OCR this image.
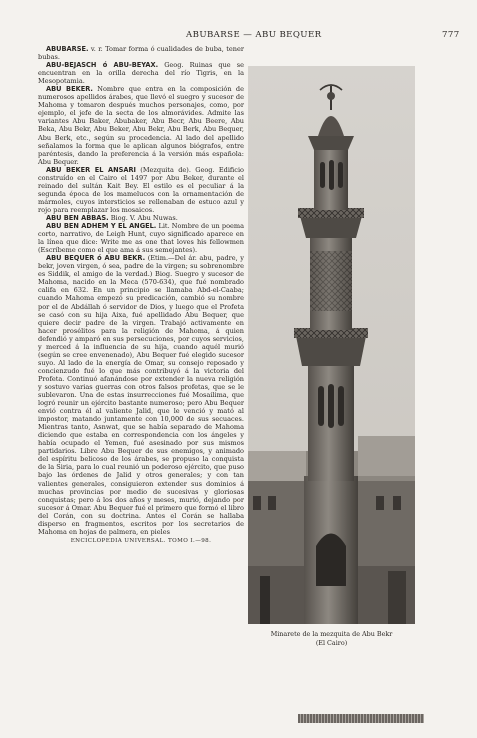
ABUBARSE — ABU BEQUER	777

ABUBARSE. v. r. Tomar forma ó cualidades de buba, tener bubas.

ABU-BEJASCH ó ABU-BEYAX. Geog. Ruinas que se encuentran en la orilla derecha del río Tigris, en la Mesopotamia.

ABU BEKER. Nombre que entra en la composición de numerosos apellidos árabes, que llevó el suegro y sucesor de Mahoma y tomaron después muchos personajes, como, por ejemplo, el jefe de la secta de los almorávides. Admite las variantes Abu Baker, Abubaker, Abu Becr, Abu Beere, Abu Beka, Abu Bekr, Abu Beker, Abu Bekr, Abu Berk, Abu Bequer, Abu Berk, etc., según su procedencia. Al lado del apellido señalamos la forma que le aplican algunos biógrafos, entre paréntesis, dando la preferencia á la versión más española: Abu Bequer.

ABU BEKER EL ANSARI (Mezquita de). Geog. Edificio construído en el Cairo el 1497 por Abu Beker, durante el reinado del sultán Kait Bey. El estilo es el peculiar á la segunda época de los mamelucos con la ornamentación de mármoles, cuyos intersticios se rellenaban de estuco azul y rojo para reemplazar los mosaicos.

ABU BEN ABBAS. Biog. V. Abu Nuwas.

ABU BEN ADHEM Y EL ANGEL. Lit. Nombre de un poema corto, narrativo, de Leigh Hunt, cuyo significado aparece en la línea que dice: Write me as one that loves his fellowmen (Escríbeme como el que ama á sus semejantes).

ABU BEQUER ó ABU BEKR. (Etim.—Del ár. abu, padre, y bekr, joven virgen, ó sea, padre de la virgen; su sobrenombre es Siddik, el amigo de la verdad.) Biog. Suegro y sucesor de Mahoma, nacido en la Meca (570-634), que fué nombrado califa en 632. En un principio se llamaba Abd-el-Caaba; cuando Mahoma empezó su predicación, cambió su nombre por el de Abdállah ó servidor de Dios, y luego que el Profeta se casó con su hija Aixa, fué apellidado Abu Bequer, que quiere decir padre de la virgen. Trabajó activamente en hacer prosélitos para la religión de Mahoma, á quien defendió y amparó en sus persecuciones, por cuyos servicios, y merced á la influencia de su hija, cuando aquél murió (según se cree envenenado), Abu Bequer fué elegido sucesor suyo. Al lado de la energía de Omar, su consejo reposado y concienzudo fué lo que más contribuyó á la victoria del Profeta. Continuó afanándose por extender la nueva religión y sostuvo varias guerras con otros falsos profetas, que se le sublevaron. Una de estas insurrecciones fué Mosailima, que logró reunir un ejército bastante numeroso; pero Abu Bequer envió contra él al valiente Jalid, que le venció y mató al impostor, matando juntamente con 10,000 de sus secuaces. Mientras tanto, Asnwat, que se había separado de Mahoma diciendo que estaba en correspondencia con los ángeles y había ocupado el Yemen, fué asesinado por sus mismos partidarios. Libre Abu Bequer de sus enemigos, y animado del espíritu belicoso de los árabes, se propuso la conquista de la Siria, para lo cual reunió un poderoso ejército, que puso bajo las órdenes de Jalid y otros generales; y con tan valientes generales, consiguieron extender sus dominios á muchas provincias por medio de sucesivas y gloriosas conquistas; pero á los dos años y meses, murió, dejando por sucesor á Omar. Abu Bequer fué el primero que formó el libro del Corán, con su doctrina. Antes el Corán se hallaba disperso en fragmentos, escritos por los secretarios de Mahoma en hojas de palmera, en pieles

ENCICLOPEDIA UNIVERSAL. TOMO I.—98.
Minarete de la mezquita de Abu Bekr
(El Cairo)
